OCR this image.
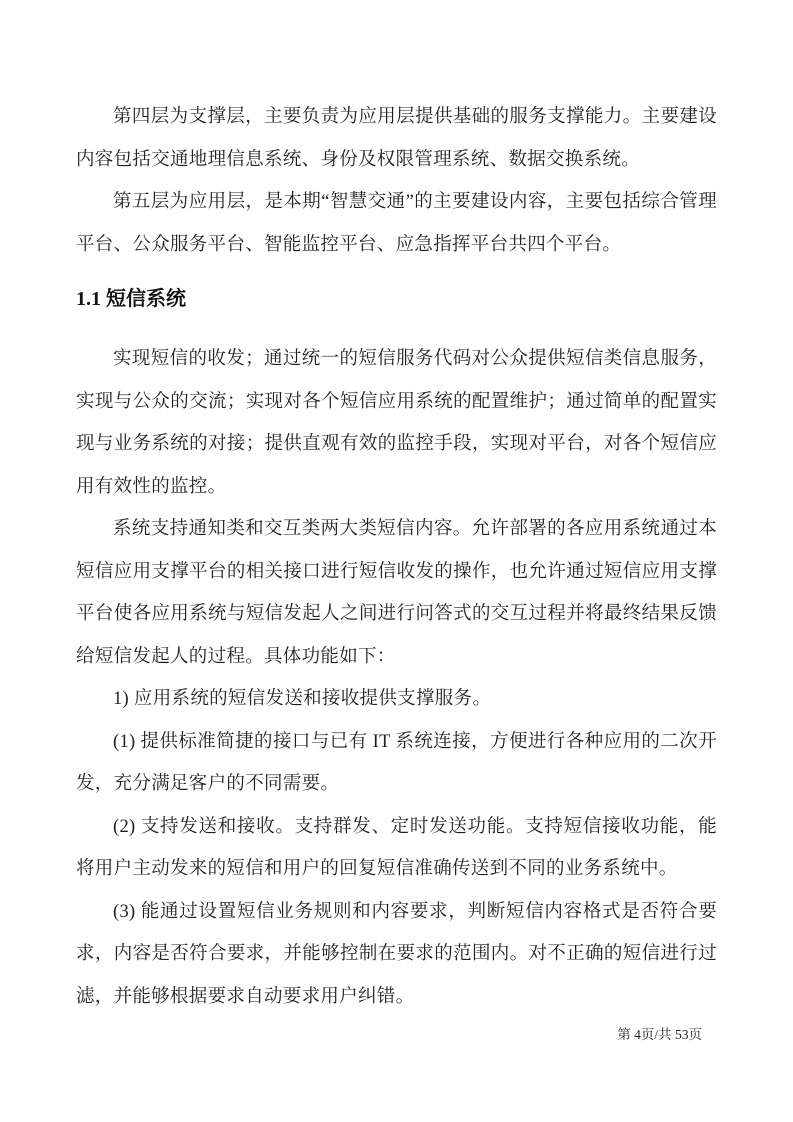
第四层为支撑层，主要负责为应用层提供基础的服务支撑能力。主要建设内容包括交通地理信息系统、身份及权限管理系统、数据交换系统。

第五层为应用层，是本期“智慧交通”的主要建设内容，主要包括综合管理平台、公众服务平台、智能监控平台、应急指挥平台共四个平台。

1.1 短信系统

实现短信的收发；通过统一的短信服务代码对公众提供短信类信息服务，实现与公众的交流；实现对各个短信应用系统的配置维护；通过简单的配置实现与业务系统的对接；提供直观有效的监控手段，实现对平台，对各个短信应用有效性的监控。

系统支持通知类和交互类两大类短信内容。允许部署的各应用系统通过本短信应用支撑平台的相关接口进行短信收发的操作，也允许通过短信应用支撑平台使各应用系统与短信发起人之间进行问答式的交互过程并将最终结果反馈给短信发起人的过程。具体功能如下：

1) 应用系统的短信发送和接收提供支撑服务。

(1) 提供标准简捷的接口与已有 IT 系统连接，方便进行各种应用的二次开发，充分满足客户的不同需要。

(2) 支持发送和接收。支持群发、定时发送功能。支持短信接收功能，能将用户主动发来的短信和用户的回复短信准确传送到不同的业务系统中。

(3) 能通过设置短信业务规则和内容要求，判断短信内容格式是否符合要求，内容是否符合要求，并能够控制在要求的范围内。对不正确的短信进行过滤，并能够根据要求自动要求用户纠错。

第 4页/共 53页
